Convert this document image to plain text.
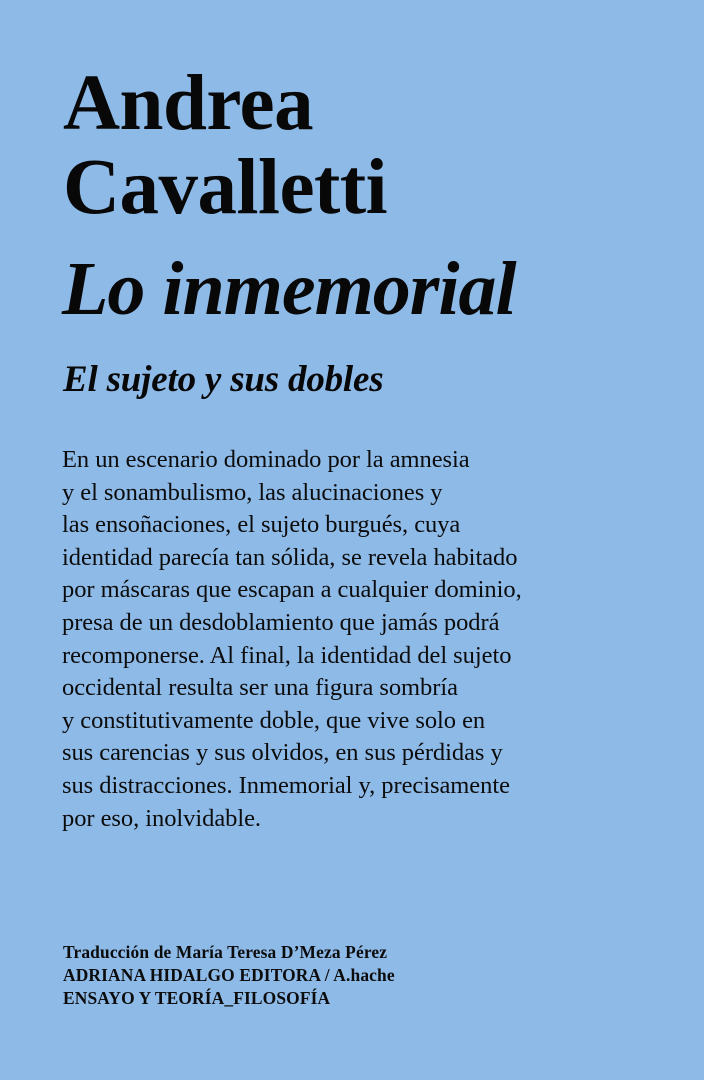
Andrea
Cavalletti
Lo inmemorial
El sujeto y sus dobles
En un escenario dominado por la amnesia
y el sonambulismo, las alucinaciones y
las ensoñaciones, el sujeto burgués, cuya
identidad parecía tan sólida, se revela habitado
por máscaras que escapan a cualquier dominio,
presa de un desdoblamiento que jamás podrá
recomponerse. Al final, la identidad del sujeto
occidental resulta ser una figura sombría
y constitutivamente doble, que vive solo en
sus carencias y sus olvidos, en sus pérdidas y
sus distracciones. Inmemorial y, precisamente
por eso, inolvidable.
Traducción de María Teresa D’Meza Pérez
ADRIANA HIDALGO EDITORA / A.hache
ENSAYO Y TEORÍA_FILOSOFÍA
